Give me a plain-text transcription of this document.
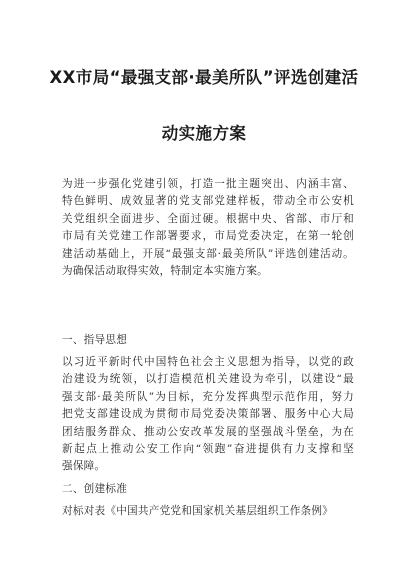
XX市局“最强支部·最美所队”评选创建活
动实施方案
为进一步强化党建引领，打造一批主题突出、内涵丰富、
特色鲜明、成效显著的党支部党建样板，带动全市公安机
关党组织全面进步、全面过硬。根据中央、省部、市厅和
市局有关党建工作部署要求，市局党委决定，在第一轮创
建活动基础上，开展“最强支部·最美所队”评选创建活动。
为确保活动取得实效，特制定本实施方案。
一、指导思想
以习近平新时代中国特色社会主义思想为指导，以党的政
治建设为统领，以打造模范机关建设为牵引，以建设“最
强支部·最美所队”为目标，充分发挥典型示范作用，努力
把党支部建设成为贯彻市局党委决策部署、服务中心大局
团结服务群众、推动公安改革发展的坚强战斗堡垒，为在
新起点上推动公安工作向“领跑”奋进提供有力支撑和坚
强保障。
二、创建标准
对标对表《中国共产党党和国家机关基层组织工作条例》
